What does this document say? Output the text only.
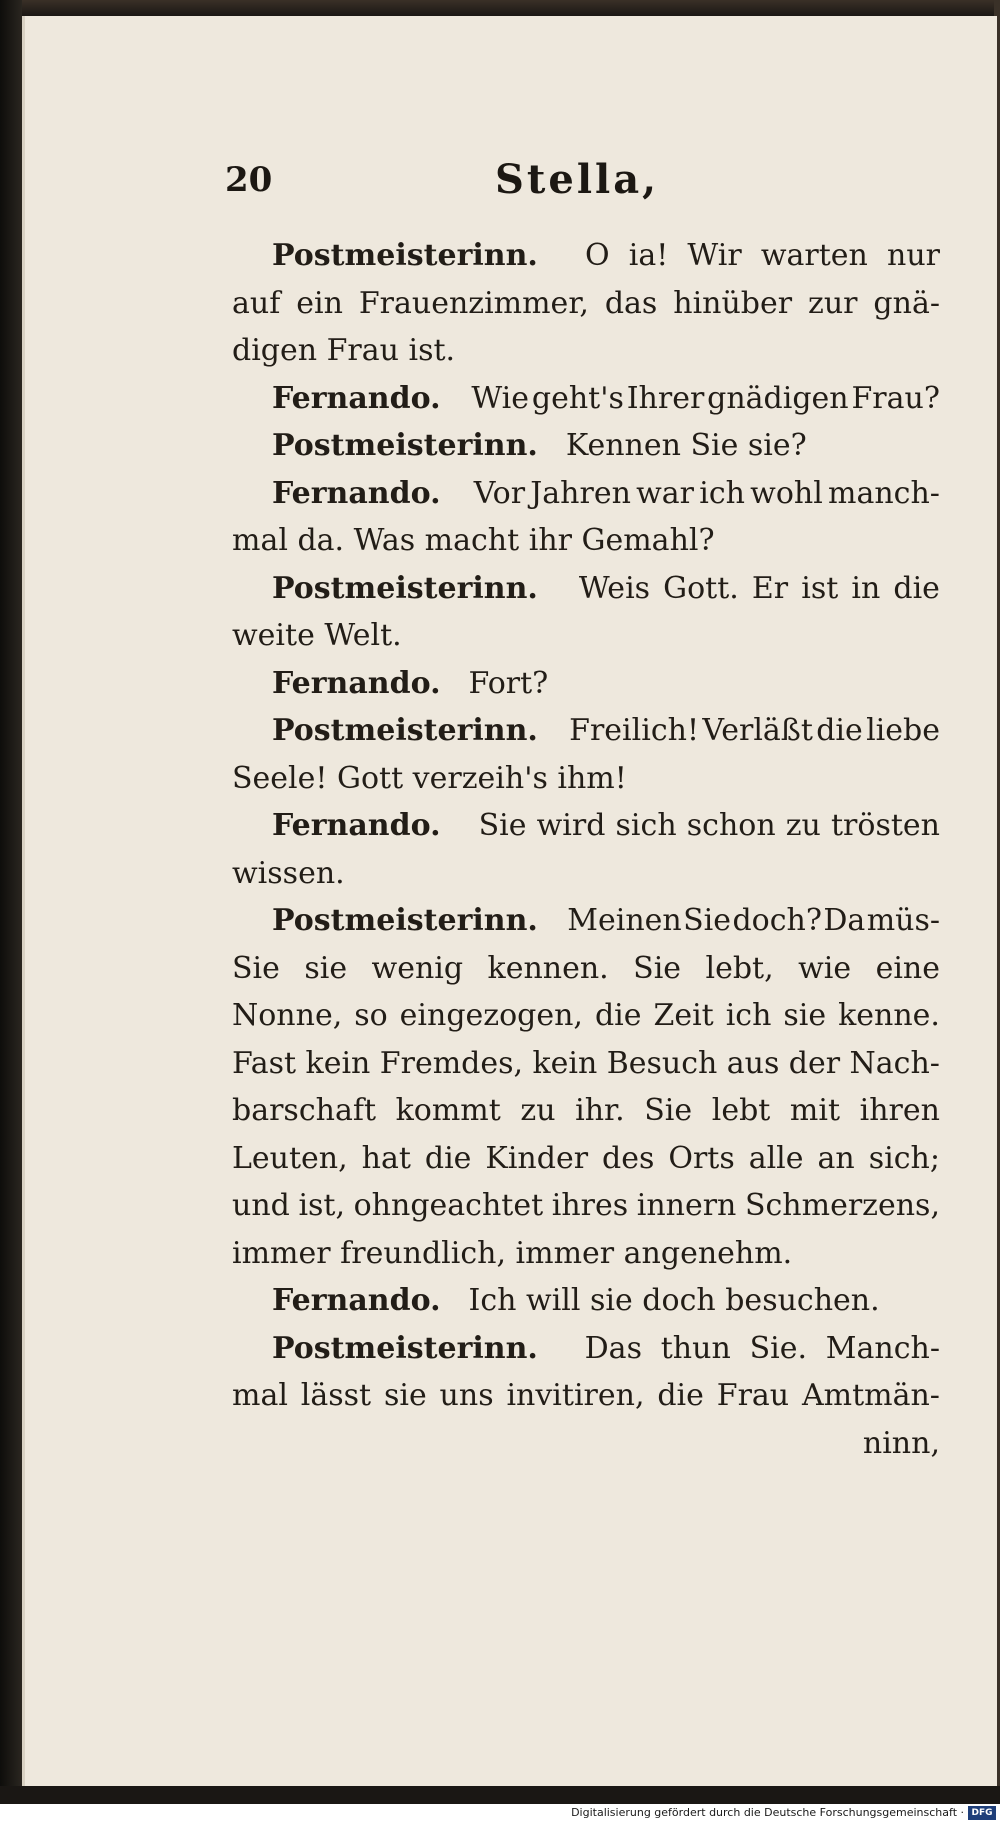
20	Stella,
Postmeisterinn. O ia! Wir warten nur
auf ein Frauenzimmer, das hinüber zur gnä-
digen Frau ist.
Fernando. Wie geht's Ihrer gnädigen Frau?
Postmeisterinn. Kennen Sie sie?
Fernando. Vor Jahren war ich wohl manch-
mal da. Was macht ihr Gemahl?
Postmeisterinn. Weis Gott. Er ist in die
weite Welt.
Fernando. Fort?
Postmeisterinn. Freilich! Verläßt die liebe
Seele! Gott verzeih's ihm!
Fernando. Sie wird sich schon zu trösten
wissen.
Postmeisterinn. Meinen Sie doch? Da müs-
Sie sie wenig kennen. Sie lebt, wie eine
Nonne, so eingezogen, die Zeit ich sie kenne.
Fast kein Fremdes, kein Besuch aus der Nach-
barschaft kommt zu ihr. Sie lebt mit ihren
Leuten, hat die Kinder des Orts alle an sich;
und ist, ohngeachtet ihres innern Schmerzens,
immer freundlich, immer angenehm.
Fernando. Ich will sie doch besuchen.
Postmeisterinn. Das thun Sie. Manch-
mal lässt sie uns invitiren, die Frau Amtmän-
ninn,
Digitalisierung gefördert durch die Deutsche Forschungsgemeinschaft · DFG
